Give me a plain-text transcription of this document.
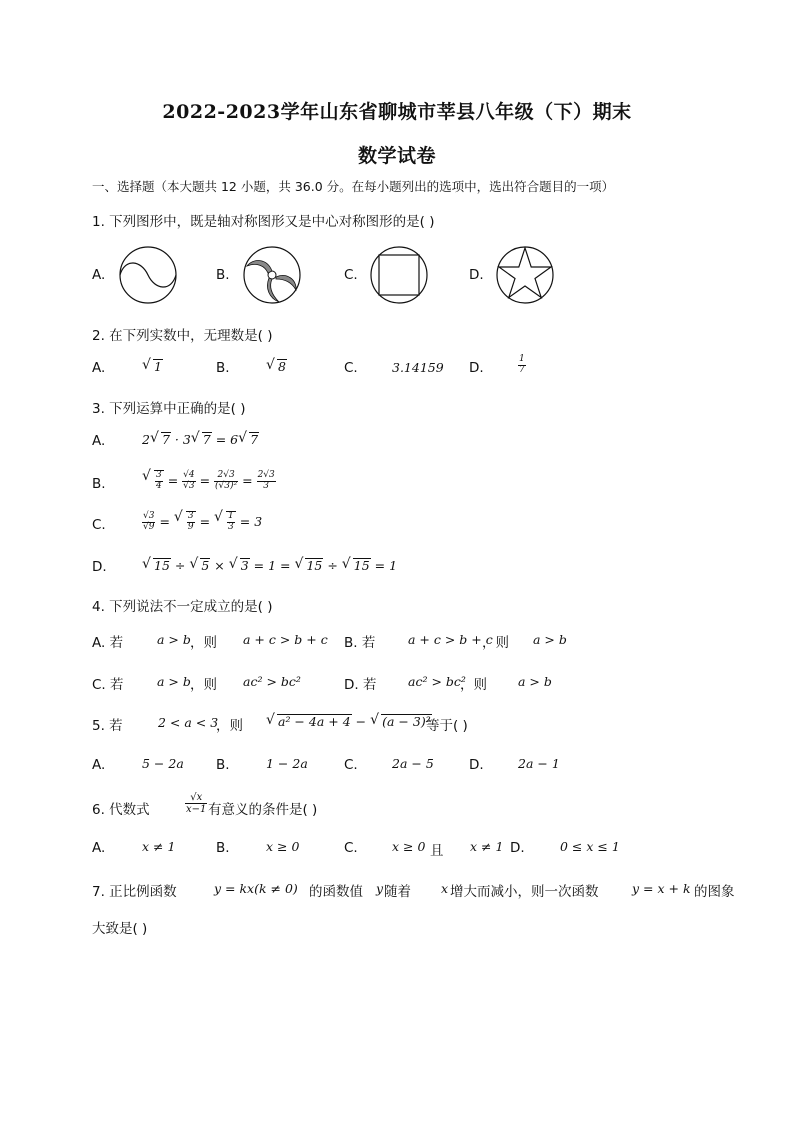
2022-2023学年山东省聊城市莘县八年级（下）期末
数学试卷
一、选择题（本大题共 12 小题，共 36.0 分。在每小题列出的选项中，选出符合题目的一项）
1. 下列图形中，既是轴对称图形又是中心对称图形的是( )
A.	B.	C.	D.
2. 在下列实数中，无理数是( )
A.	√ 1	B.	√ 8	C.	3.14159 D.	$\frac{1}{7}$
3. 下列运算中正确的是( )
A.	2 √ 7 · 3 √ 7 = 6 √ 7
B.	√ $\frac{3}{4} = \frac{√4}{√3} = \frac{2√3}{\text{(√3)²}} = \frac{2√3}{3}$
C.	$\frac{√3}{√9}$ = √ $\frac{3}{9}$ = √ $\frac{1}{3} = 3$
D.	√ 15 ÷ √ 5 × √ 3 = 1 = √ 15 ÷ √ 15 = 1
4. 下列说法不一定成立的是( )
A. 若	a > b ，则 a + c > b + c B. 若	a + c > b + c
，则 a > b
C. 若	a > b ，则 ac² > bc²	D. 若	ac² > bc²
，则 a > b
5. 若	2 < a < 3
，则	√ a² − 4a + 4 − √ (a − 3)²
等于( )
A.	5 − 2a B.	1 − 2a	C.	2a − 5	D.	2a − 1
6. 代数式	$\frac{√x}{x-1}$ 有意义的条件是( )
A.	x ≠ 1	B.	x ≥ 0	C.	x ≥ 0 且 x ≠ 1 D.	0 ≤ x ≤ 1
7. 正比例函数	y = kx(k ≠ 0) 的函数值 y 随着 x 增大而减小，则一次函数	y = x + k 的图象
大致是( )
